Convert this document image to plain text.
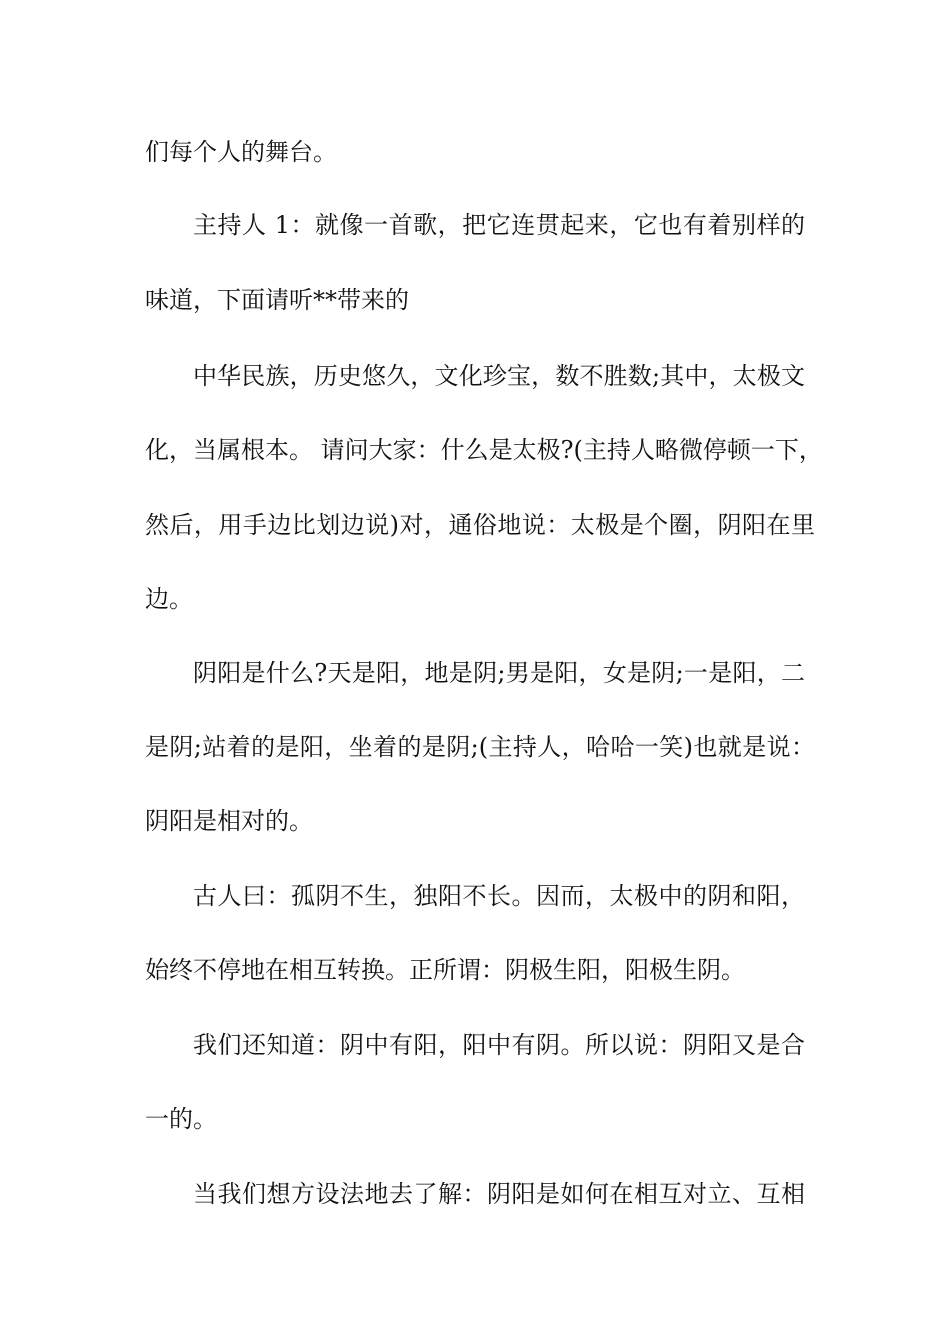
们每个人的舞台。
主持人 1：就像一首歌，把它连贯起来，它也有着别样的
味道，下面请听**带来的
中华民族，历史悠久，文化珍宝，数不胜数;其中，太极文
化，当属根本。 请问大家：什么是太极?(主持人略微停顿一下，
然后，用手边比划边说)对，通俗地说：太极是个圈，阴阳在里
边。
阴阳是什么?天是阳，地是阴;男是阳，女是阴;一是阳，二
是阴;站着的是阳，坐着的是阴;(主持人，哈哈一笑)也就是说：
阴阳是相对的。
古人曰：孤阴不生，独阳不长。因而，太极中的阴和阳，
始终不停地在相互转换。正所谓：阴极生阳，阳极生阴。
我们还知道：阴中有阳，阳中有阴。所以说：阴阳又是合
一的。
当我们想方设法地去了解：阴阳是如何在相互对立、互相
